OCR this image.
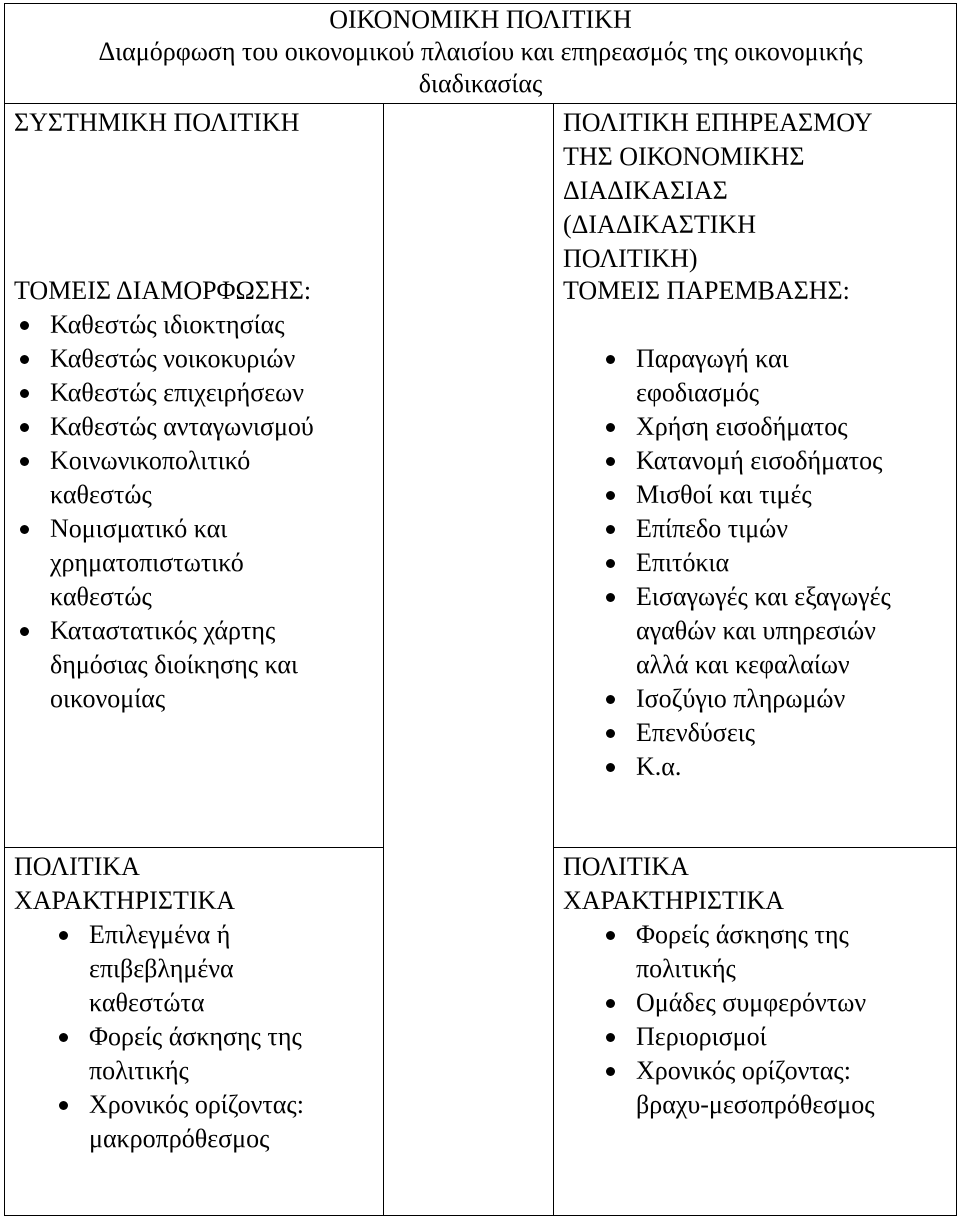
ΟΙΚΟΝΟΜΙΚΗ ΠΟΛΙΤΙΚΗ
Διαμόρφωση του οικονομικού πλαισίου και επηρεασμός της οικονομικής
διαδικασίας
ΣΥΣΤΗΜΙΚΗ ΠΟΛΙΤΙΚΗ
ΤΟΜΕΙΣ ΔΙΑΜΟΡΦΩΣΗΣ:
Καθεστώς ιδιοκτησίας
Καθεστώς νοικοκυριών
Καθεστώς επιχειρήσεων
Καθεστώς ανταγωνισμού
Κοινωνικοπολιτικό
καθεστώς
Νομισματικό και
χρηματοπιστωτικό
καθεστώς
Καταστατικός χάρτης
δημόσιας διοίκησης και
οικονομίας
ΠΟΛΙΤΙΚΑ
ΧΑΡΑΚΤΗΡΙΣΤΙΚΑ
Επιλεγμένα ή
επιβεβλημένα
καθεστώτα
Φορείς άσκησης της
πολιτικής
Χρονικός ορίζοντας:
μακροπρόθεσμος
ΠΟΛΙΤΙΚΗ ΕΠΗΡΕΑΣΜΟΥ
ΤΗΣ ΟΙΚΟΝΟΜΙΚΗΣ
ΔΙΑΔΙΚΑΣΙΑΣ
(ΔΙΑΔΙΚΑΣΤΙΚΗ
ΠΟΛΙΤΙΚΗ)
ΤΟΜΕΙΣ ΠΑΡΕΜΒΑΣΗΣ:
Παραγωγή και
εφοδιασμός
Χρήση εισοδήματος
Κατανομή εισοδήματος
Μισθοί και τιμές
Επίπεδο τιμών
Επιτόκια
Εισαγωγές και εξαγωγές
αγαθών και υπηρεσιών
αλλά και κεφαλαίων
Ισοζύγιο πληρωμών
Επενδύσεις
Κ.α.
ΠΟΛΙΤΙΚΑ
ΧΑΡΑΚΤΗΡΙΣΤΙΚΑ
Φορείς άσκησης της
πολιτικής
Ομάδες συμφερόντων
Περιορισμοί
Χρονικός ορίζοντας:
βραχυ-μεσοπρόθεσμος
